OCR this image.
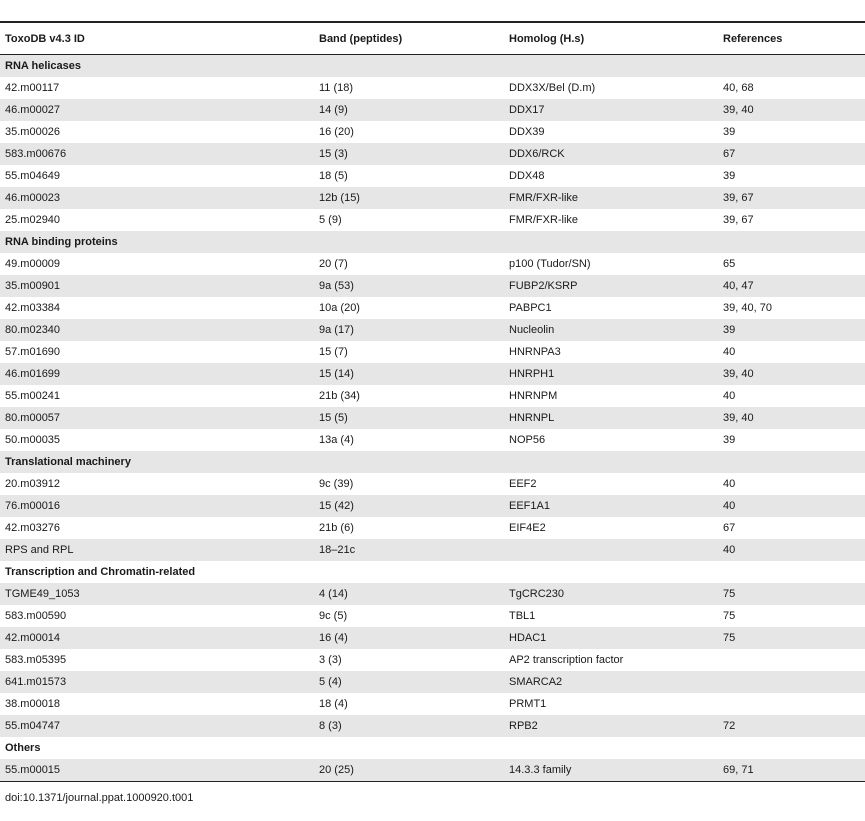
ToxoDB v4.3 ID	Band (peptides)	Homolog (H.s)	References
RNA helicases			
42.m00117	11 (18)	DDX3X/Bel (D.m)	40, 68
46.m00027	14 (9)	DDX17	39, 40
35.m00026	16 (20)	DDX39	39
583.m00676	15 (3)	DDX6/RCK	67
55.m04649	18 (5)	DDX48	39
46.m00023	12b (15)	FMR/FXR-like	39, 67
25.m02940	5 (9)	FMR/FXR-like	39, 67
RNA binding proteins			
49.m00009	20 (7)	p100 (Tudor/SN)	65
35.m00901	9a (53)	FUBP2/KSRP	40, 47
42.m03384	10a (20)	PABPC1	39, 40, 70
80.m02340	9a (17)	Nucleolin	39
57.m01690	15 (7)	HNRNPA3	40
46.m01699	15 (14)	HNRPH1	39, 40
55.m00241	21b (34)	HNRNPM	40
80.m00057	15 (5)	HNRNPL	39, 40
50.m00035	13a (4)	NOP56	39
Translational machinery			
20.m03912	9c (39)	EEF2	40
76.m00016	15 (42)	EEF1A1	40
42.m03276	21b (6)	EIF4E2	67
RPS and RPL	18–21c		40
Transcription and Chromatin-related			
TGME49_1053	4 (14)	TgCRC230	75
583.m00590	9c (5)	TBL1	75
42.m00014	16 (4)	HDAC1	75
583.m05395	3 (3)	AP2 transcription factor	
641.m01573	5 (4)	SMARCA2	
38.m00018	18 (4)	PRMT1	
55.m04747	8 (3)	RPB2	72
Others			
55.m00015	20 (25)	14.3.3 family	69, 71
doi:10.1371/journal.ppat.1000920.t001
